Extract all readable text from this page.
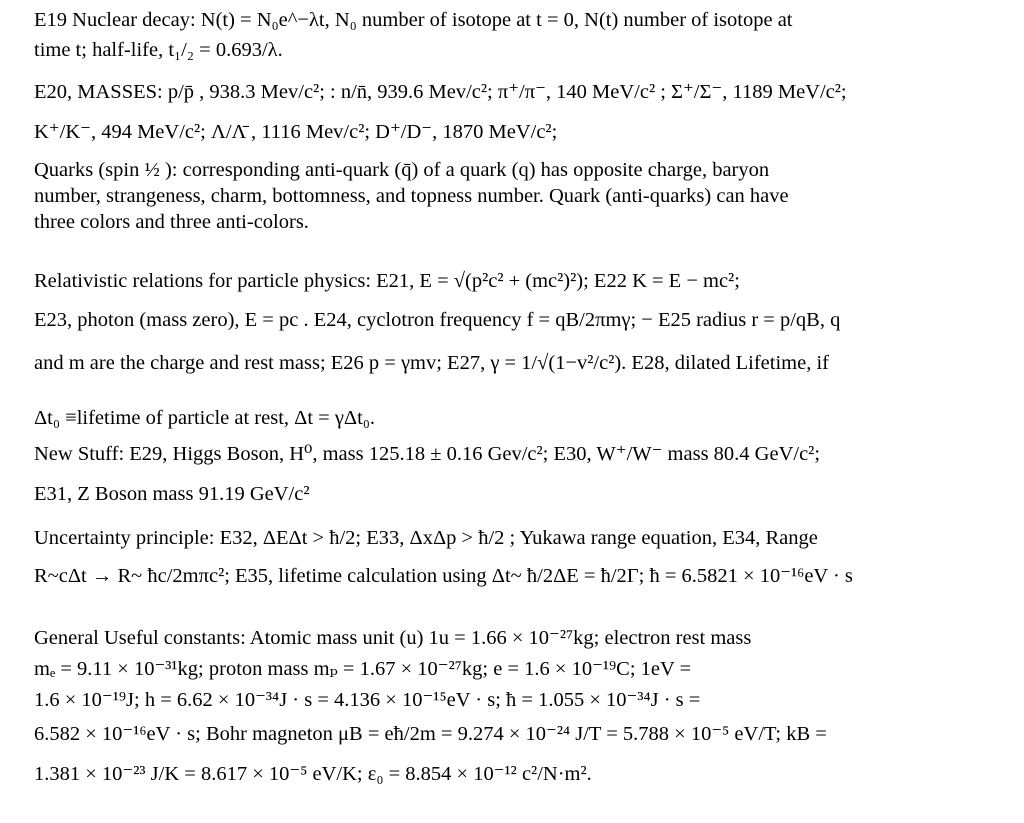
E19 Nuclear decay: N(t) = N₀e^−λt, N₀ number of isotope at t = 0, N(t) number of isotope at
time t; half-life, t₁/₂ = 0.693/λ.
E20, MASSES: p/p̄ , 938.3 Mev/c²; : n/n̄, 939.6 Mev/c²; π⁺/π⁻, 140 MeV/c² ; Σ⁺/Σ⁻, 1189 MeV/c²;
K⁺/K⁻, 494 MeV/c²; Λ/Λ̄ , 1116 Mev/c²; D⁺/D⁻, 1870 MeV/c²;
Quarks (spin ½ ): corresponding anti-quark (q̄) of a quark (q) has opposite charge, baryon
number, strangeness, charm, bottomness, and topness number. Quark (anti-quarks) can have
three colors and three anti-colors.
Relativistic relations for particle physics: E21, E = √(p²c² + (mc²)²); E22 K = E − mc²;
E23, photon (mass zero), E = pc . E24, cyclotron frequency f = qB/2πmγ; − E25 radius r = p/qB, q
and m are the charge and rest mass; E26 p = γmv; E27, γ = 1/√(1−v²/c²). E28, dilated Lifetime, if
Δt₀ ≡lifetime of particle at rest, Δt = γΔt₀.
New Stuff: E29, Higgs Boson, H⁰, mass 125.18 ± 0.16 Gev/c²; E30, W⁺/W⁻ mass 80.4 GeV/c²;
E31, Z Boson mass 91.19 GeV/c²
Uncertainty principle: E32, ΔEΔt > ħ/2; E33, ΔxΔp > ħ/2 ; Yukawa range equation, E34, Range
R~cΔt → R~ ħc/2mπc²; E35, lifetime calculation using Δt~ ħ/2ΔE = ħ/2Γ; ħ = 6.5821 × 10⁻¹⁶eV · s
General Useful constants: Atomic mass unit (u) 1u = 1.66 × 10⁻²⁷kg; electron rest mass
mₑ = 9.11 × 10⁻³¹kg; proton mass mₚ = 1.67 × 10⁻²⁷kg; e = 1.6 × 10⁻¹⁹C; 1eV =
1.6 × 10⁻¹⁹J; h = 6.62 × 10⁻³⁴J · s = 4.136 × 10⁻¹⁵eV · s; ħ = 1.055 × 10⁻³⁴J · s =
6.582 × 10⁻¹⁶eV · s; Bohr magneton μB = eħ/2m = 9.274 × 10⁻²⁴ J/T = 5.788 × 10⁻⁵ eV/T; kB =
1.381 × 10⁻²³ J/K = 8.617 × 10⁻⁵ eV/K; ε₀ = 8.854 × 10⁻¹² c²/N·m².
